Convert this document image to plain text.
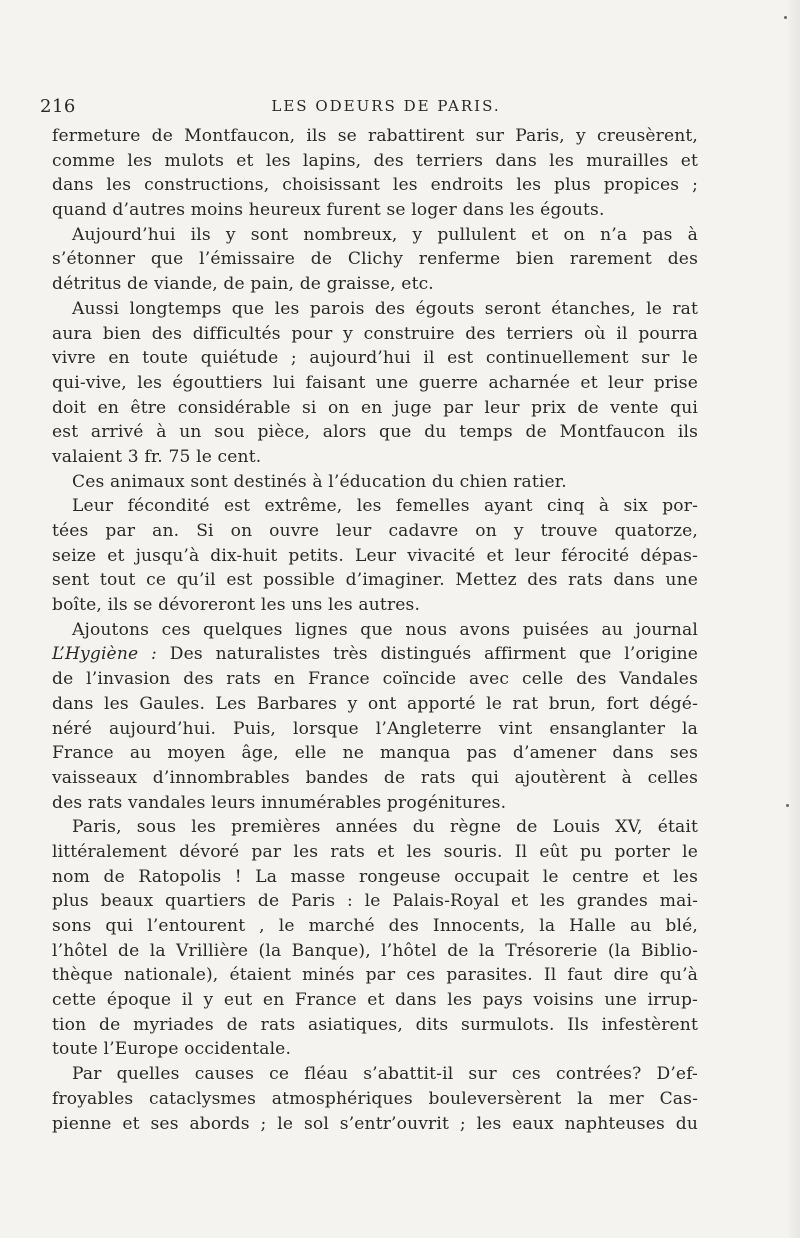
216	LES ODEURS DE PARIS.
fermeture de Montfaucon, ils se rabattirent sur Paris, y creusèrent,
comme les mulots et les lapins, des terriers dans les murailles et
dans les constructions, choisissant les endroits les plus propices ;
quand d’autres moins heureux furent se loger dans les égouts.
Aujourd’hui ils y sont nombreux, y pullulent et on n’a pas à
s’étonner que l’émissaire de Clichy renferme bien rarement des
détritus de viande, de pain, de graisse, etc.
Aussi longtemps que les parois des égouts seront étanches, le rat
aura bien des difficultés pour y construire des terriers où il pourra
vivre en toute quiétude ; aujourd’hui il est continuellement sur le
qui-vive, les égouttiers lui faisant une guerre acharnée et leur prise
doit en être considérable si on en juge par leur prix de vente qui
est arrivé à un sou pièce, alors que du temps de Montfaucon ils
valaient 3 fr. 75 le cent.
Ces animaux sont destinés à l’éducation du chien ratier.
Leur fécondité est extrême, les femelles ayant cinq à six por-
tées par an. Si on ouvre leur cadavre on y trouve quatorze,
seize et jusqu’à dix-huit petits. Leur vivacité et leur férocité dépas-
sent tout ce qu’il est possible d’imaginer. Mettez des rats dans une
boîte, ils se dévoreront les uns les autres.
Ajoutons ces quelques lignes que nous avons puisées au journal
L’Hygiène : Des naturalistes très distingués affirment que l’origine
de l’invasion des rats en France coïncide avec celle des Vandales
dans les Gaules. Les Barbares y ont apporté le rat brun, fort dégé-
néré aujourd’hui. Puis, lorsque l’Angleterre vint ensanglanter la
France au moyen âge, elle ne manqua pas d’amener dans ses
vaisseaux d’innombrables bandes de rats qui ajoutèrent à celles
des rats vandales leurs innumérables progénitures.
Paris, sous les premières années du règne de Louis XV, était
littéralement dévoré par les rats et les souris. Il eût pu porter le
nom de Ratopolis ! La masse rongeuse occupait le centre et les
plus beaux quartiers de Paris : le Palais-Royal et les grandes mai-
sons qui l’entourent , le marché des Innocents, la Halle au blé,
l’hôtel de la Vrillière (la Banque), l’hôtel de la Trésorerie (la Biblio-
thèque nationale), étaient minés par ces parasites. Il faut dire qu’à
cette époque il y eut en France et dans les pays voisins une irrup-
tion de myriades de rats asiatiques, dits surmulots. Ils infestèrent
toute l’Europe occidentale.
Par quelles causes ce fléau s’abattit-il sur ces contrées? D’ef-
froyables cataclysmes atmosphériques bouleversèrent la mer Cas-
pienne et ses abords ; le sol s’entr’ouvrit ; les eaux naphteuses du
